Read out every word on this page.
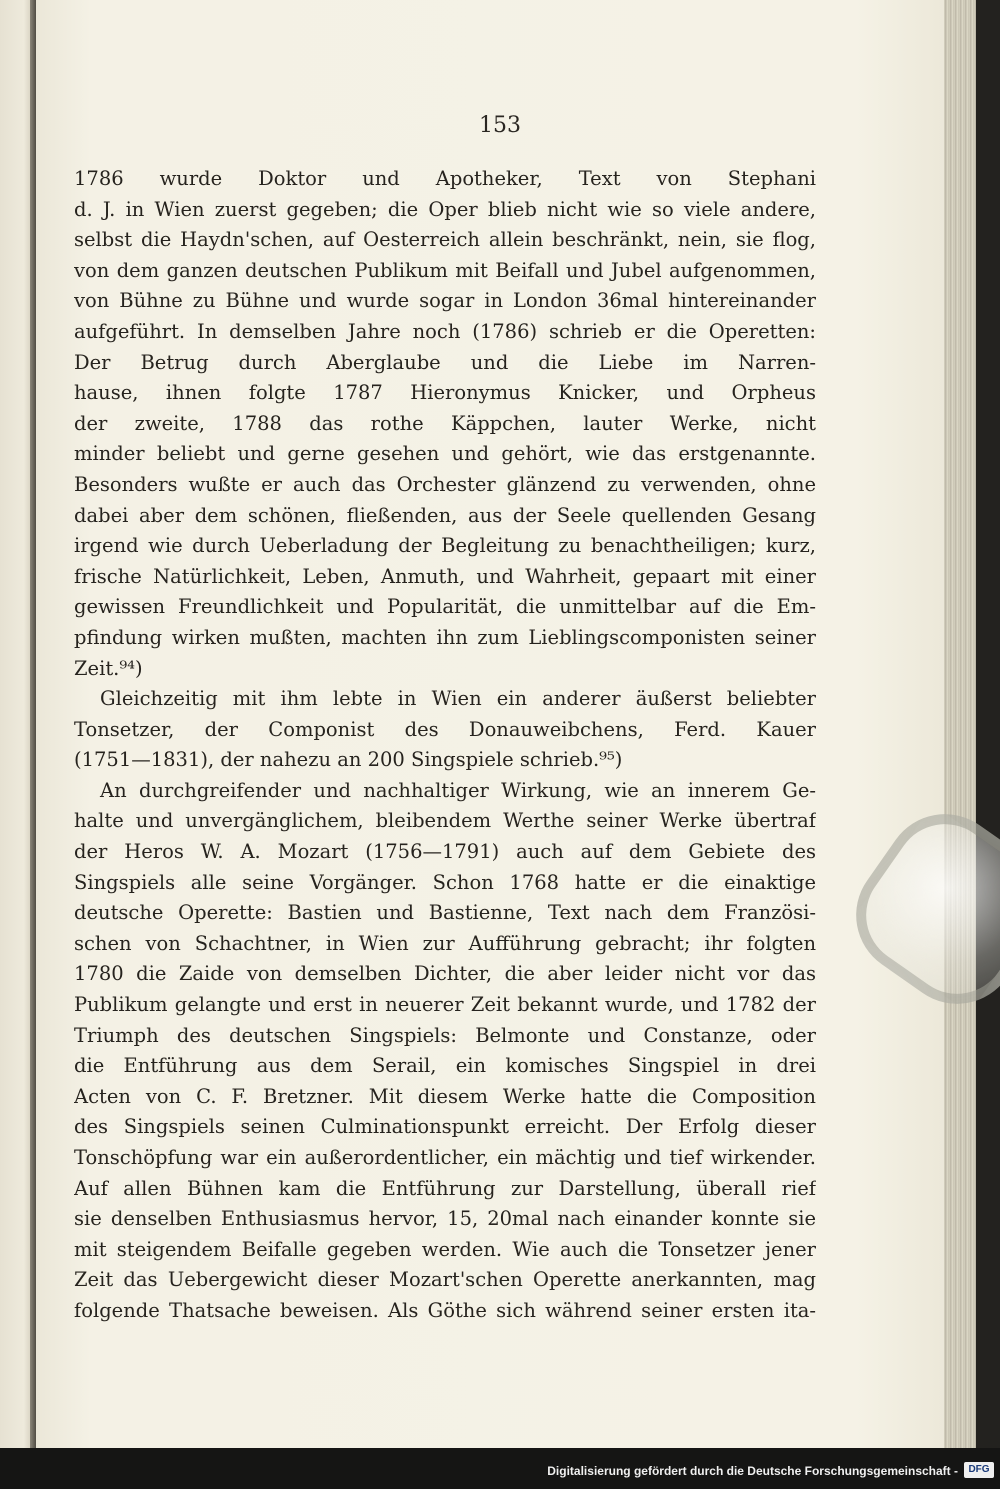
153
1786 wurde Doktor und Apotheker, Text von Stephani
d. J. in Wien zuerst gegeben; die Oper blieb nicht wie so viele andere,
selbst die Haydn'schen, auf Oesterreich allein beschränkt, nein, sie flog,
von dem ganzen deutschen Publikum mit Beifall und Jubel aufgenommen,
von Bühne zu Bühne und wurde sogar in London 36mal hintereinander
aufgeführt. In demselben Jahre noch (1786) schrieb er die Operetten:
Der Betrug durch Aberglaube und die Liebe im Narren-
hause, ihnen folgte 1787 Hieronymus Knicker, und Orpheus
der zweite, 1788 das rothe Käppchen, lauter Werke, nicht
minder beliebt und gerne gesehen und gehört, wie das erstgenannte.
Besonders wußte er auch das Orchester glänzend zu verwenden, ohne
dabei aber dem schönen, fließenden, aus der Seele quellenden Gesang
irgend wie durch Ueberladung der Begleitung zu benachtheiligen; kurz,
frische Natürlichkeit, Leben, Anmuth, und Wahrheit, gepaart mit einer
gewissen Freundlichkeit und Popularität, die unmittelbar auf die Em-
pfindung wirken mußten, machten ihn zum Lieblingscomponisten seiner
Zeit.⁹⁴)
Gleichzeitig mit ihm lebte in Wien ein anderer äußerst beliebter
Tonsetzer, der Componist des Donauweibchens, Ferd. Kauer
(1751—1831), der nahezu an 200 Singspiele schrieb.⁹⁵)
An durchgreifender und nachhaltiger Wirkung, wie an innerem Ge-
halte und unvergänglichem, bleibendem Werthe seiner Werke übertraf
der Heros W. A. Mozart (1756—1791) auch auf dem Gebiete des
Singspiels alle seine Vorgänger. Schon 1768 hatte er die einaktige
deutsche Operette: Bastien und Bastienne, Text nach dem Französi-
schen von Schachtner, in Wien zur Aufführung gebracht; ihr folgten
1780 die Zaide von demselben Dichter, die aber leider nicht vor das
Publikum gelangte und erst in neuerer Zeit bekannt wurde, und 1782 der
Triumph des deutschen Singspiels: Belmonte und Constanze, oder
die Entführung aus dem Serail, ein komisches Singspiel in drei
Acten von C. F. Bretzner. Mit diesem Werke hatte die Composition
des Singspiels seinen Culminationspunkt erreicht. Der Erfolg dieser
Tonschöpfung war ein außerordentlicher, ein mächtig und tief wirkender.
Auf allen Bühnen kam die Entführung zur Darstellung, überall rief
sie denselben Enthusiasmus hervor, 15, 20mal nach einander konnte sie
mit steigendem Beifalle gegeben werden. Wie auch die Tonsetzer jener
Zeit das Uebergewicht dieser Mozart'schen Operette anerkannten, mag
folgende Thatsache beweisen. Als Göthe sich während seiner ersten ita-
Digitalisierung gefördert durch die Deutsche Forschungsgemeinschaft -	DFG
